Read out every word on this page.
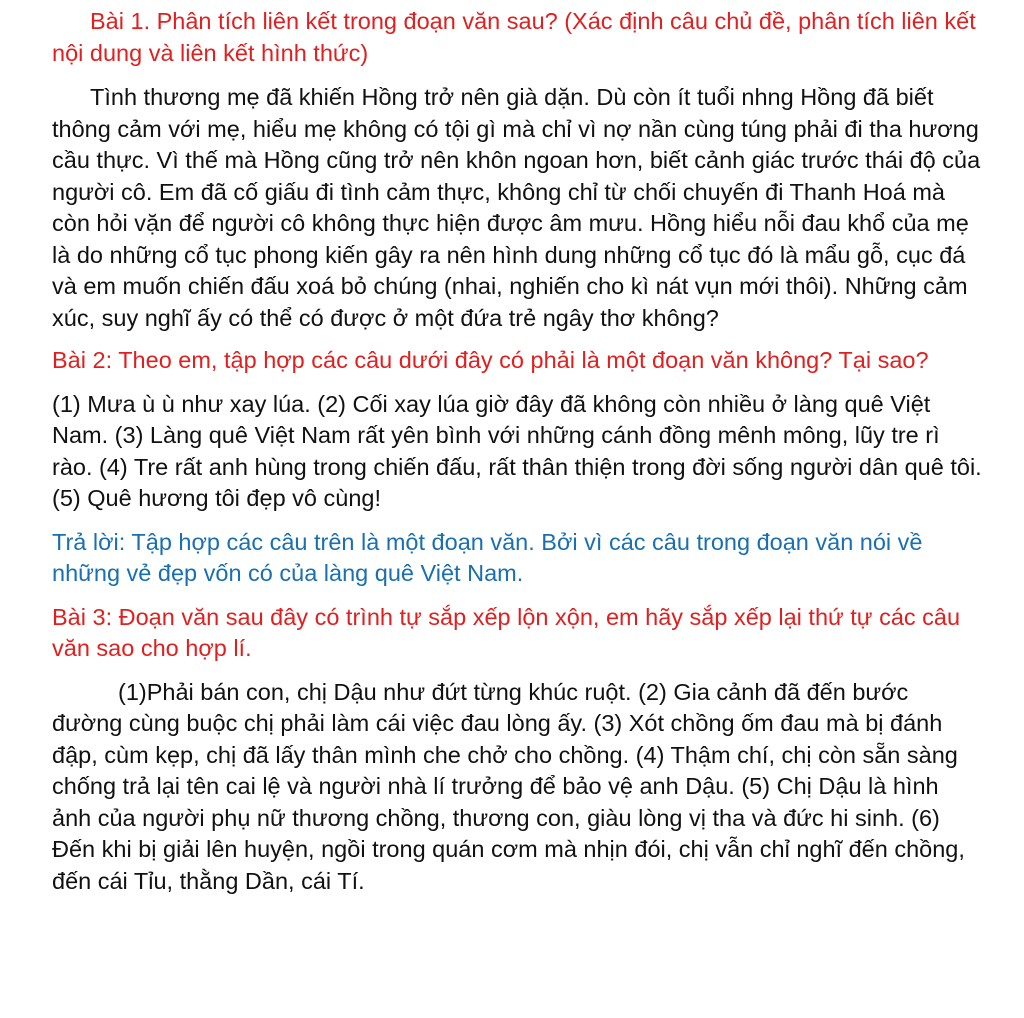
Bài 1. Phân tích liên kết trong đoạn văn sau? (Xác định câu chủ đề, phân tích liên kết nội dung và liên kết hình thức)

Tình thương mẹ đã khiến Hồng trở nên già dặn. Dù còn ít tuổi nhng Hồng đã biết thông cảm với mẹ, hiểu mẹ không có tội gì mà chỉ vì nợ nần cùng túng phải đi tha hương cầu thực. Vì thế mà Hồng cũng trở nên khôn ngoan hơn, biết cảnh giác trước thái độ của người cô. Em đã cố giấu đi tình cảm thực, không chỉ từ chối chuyến đi Thanh Hoá mà còn hỏi vặn để người cô không thực hiện được âm mưu. Hồng hiểu nỗi đau khổ của mẹ là do những cổ tục phong kiến gây ra nên hình dung những cổ tục đó là mẩu gỗ, cục đá và em muốn chiến đấu xoá bỏ chúng (nhai, nghiến cho kì nát vụn mới thôi). Những cảm xúc, suy nghĩ ấy có thể có được ở một đứa trẻ ngây thơ không?

Bài 2: Theo em, tập hợp các câu dưới đây có phải là một đoạn văn không? Tại sao?

(1) Mưa ù ù như xay lúa. (2) Cối xay lúa giờ đây đã không còn nhiều ở làng quê Việt Nam. (3) Làng quê Việt Nam rất yên bình với những cánh đồng mênh mông, lũy tre rì rào. (4) Tre rất anh hùng trong chiến đấu, rất thân thiện trong đời sống người dân quê tôi. (5) Quê hương tôi đẹp vô cùng!

Trả lời: Tập hợp các câu trên là một đoạn văn. Bởi vì các câu trong đoạn văn nói về những vẻ đẹp vốn có của làng quê Việt Nam.

Bài 3: Đoạn văn sau đây có trình tự sắp xếp lộn xộn, em hãy sắp xếp lại thứ tự các câu văn sao cho hợp lí.

(1)Phải bán con, chị Dậu như đứt từng khúc ruột. (2) Gia cảnh đã đến bước đường cùng buộc chị phải làm cái việc đau lòng ấy. (3) Xót chồng ốm đau mà bị đánh đập, cùm kẹp, chị đã lấy thân mình che chở cho chồng. (4) Thậm chí, chị còn sẵn sàng chống trả lại tên cai lệ và người nhà lí trưởng để bảo vệ anh Dậu. (5) Chị Dậu là hình ảnh của người phụ nữ thương chồng, thương con, giàu lòng vị tha và đức hi sinh. (6) Đến khi bị giải lên huyện, ngồi trong quán cơm mà nhịn đói, chị vẫn chỉ nghĩ đến chồng, đến cái Tỉu, thằng Dần, cái Tí.
